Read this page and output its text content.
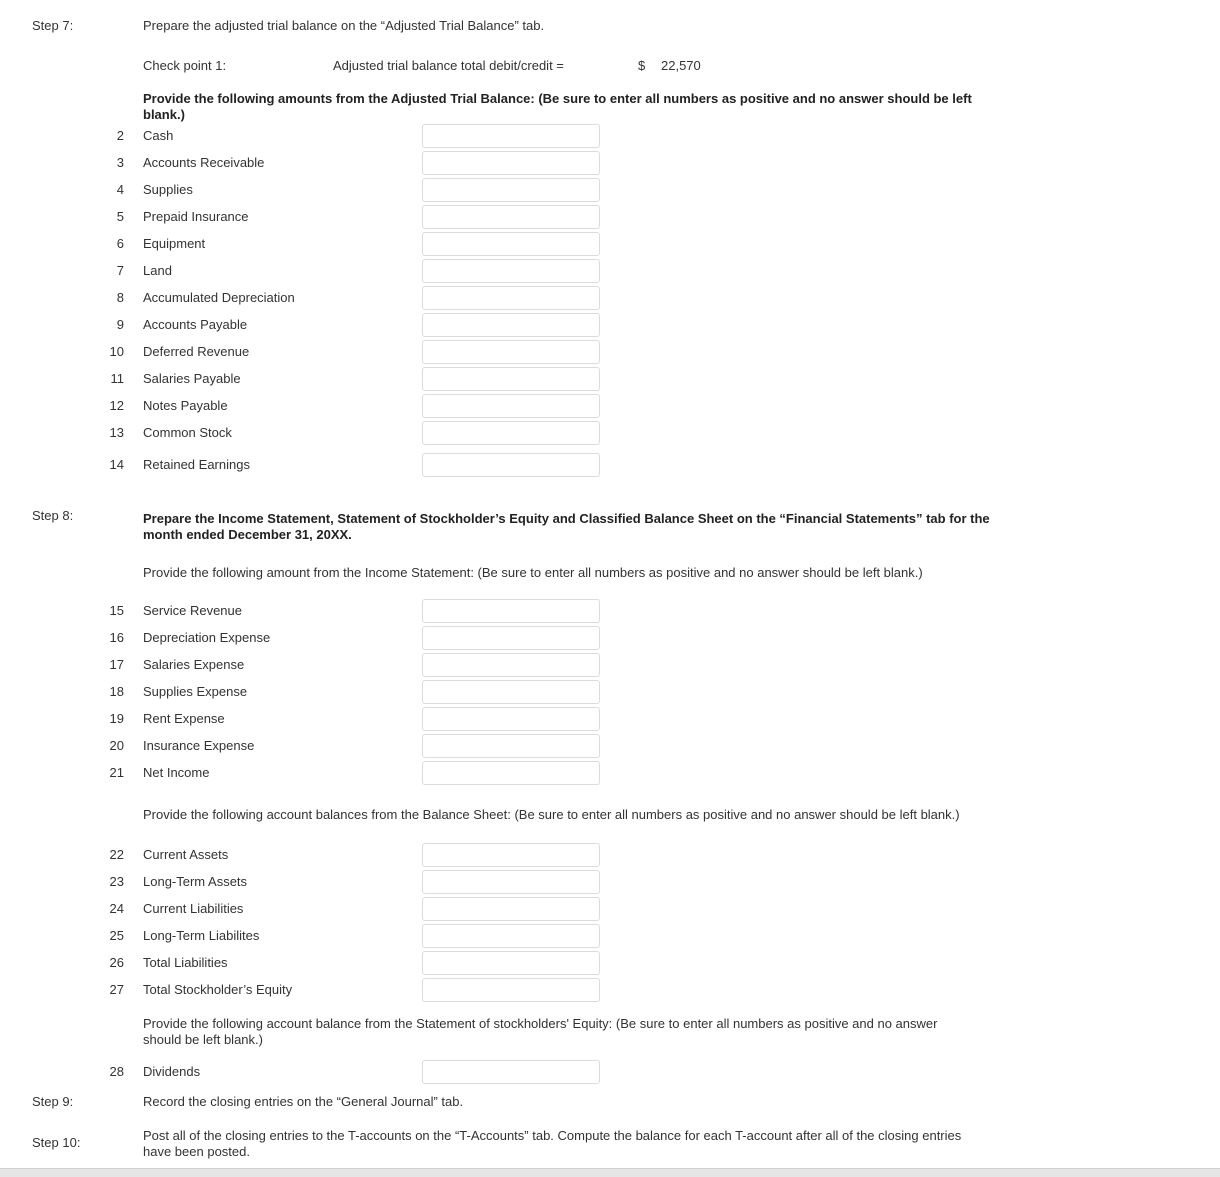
Step 7:	Prepare the adjusted trial balance on the “Adjusted Trial Balance” tab.
Check point 1:	Adjusted trial balance total debit/credit =	$ 22,570
Provide the following amounts from the Adjusted Trial Balance: (Be sure to enter all numbers as positive and no answer should be left blank.)
2 Cash
3 Accounts Receivable
4 Supplies
5 Prepaid Insurance
6 Equipment
7 Land
8 Accumulated Depreciation
9 Accounts Payable
10 Deferred Revenue
11 Salaries Payable
12 Notes Payable
13 Common Stock
14 Retained Earnings
Step 8:	Prepare the Income Statement, Statement of Stockholder’s Equity and Classified Balance Sheet on the “Financial Statements” tab for the month ended December 31, 20XX.
Provide the following amount from the Income Statement: (Be sure to enter all numbers as positive and no answer should be left blank.)
15 Service Revenue
16 Depreciation Expense
17 Salaries Expense
18 Supplies Expense
19 Rent Expense
20 Insurance Expense
21 Net Income
Provide the following account balances from the Balance Sheet: (Be sure to enter all numbers as positive and no answer should be left blank.)
22 Current Assets
23 Long-Term Assets
24 Current Liabilities
25 Long-Term Liabilites
26 Total Liabilities
27 Total Stockholder’s Equity
Provide the following account balance from the Statement of stockholders' Equity: (Be sure to enter all numbers as positive and no answer should be left blank.)
28 Dividends
Step 9:	Record the closing entries on the “General Journal” tab.
Step 10:	Post all of the closing entries to the T-accounts on the “T-Accounts” tab. Compute the balance for each T-account after all of the closing entries have been posted.
